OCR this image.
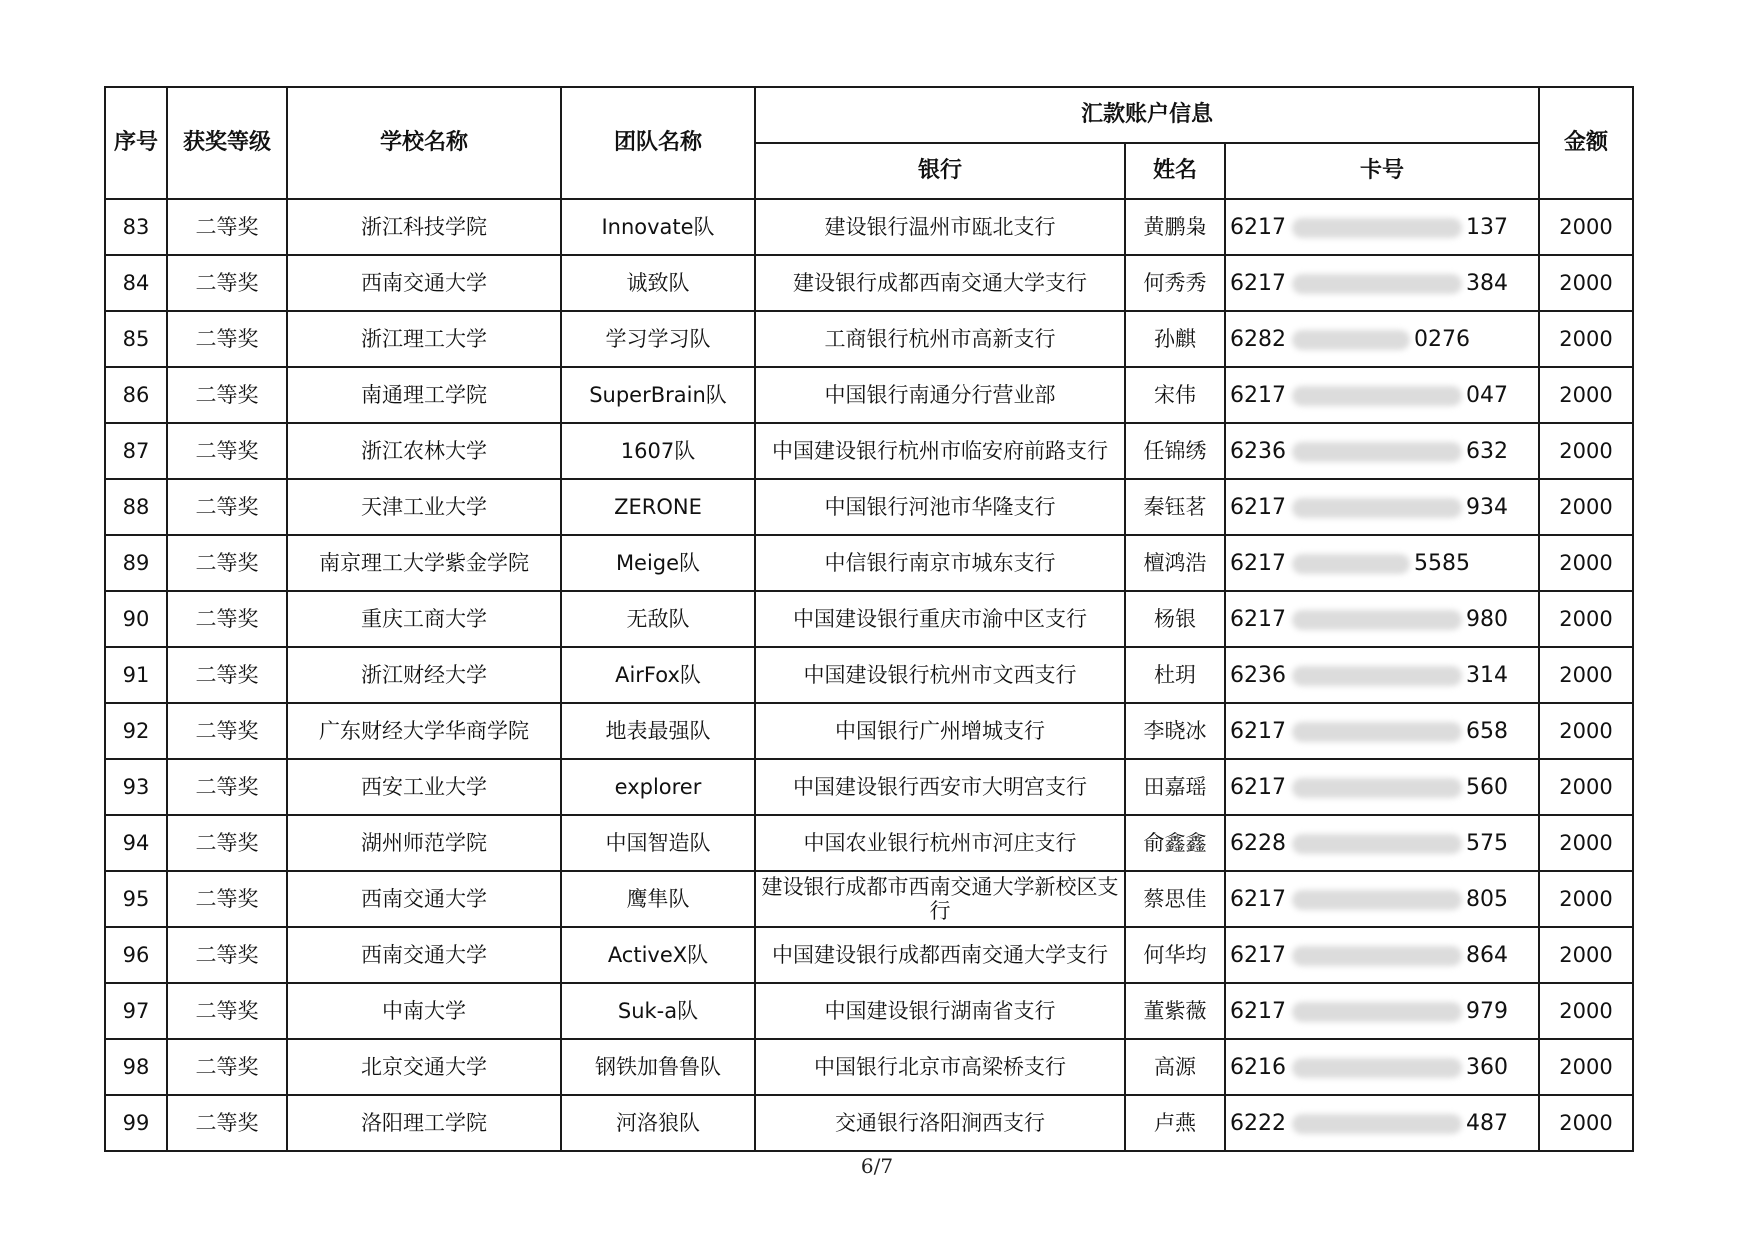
序号	获奖等级	学校名称	团队名称	汇款账户信息			金额
				银行	姓名	卡号	
83	二等奖	浙江科技学院	Innovate队	建设银行温州市瓯北支行	黄鹏枭	6217 137	2000
84	二等奖	西南交通大学	诚致队	建设银行成都西南交通大学支行	何秀秀	6217 384	2000
85	二等奖	浙江理工大学	学习学习队	工商银行杭州市高新支行	孙麒	6282 0276	2000
86	二等奖	南通理工学院	SuperBrain队	中国银行南通分行营业部	宋伟	6217 047	2000
87	二等奖	浙江农林大学	1607队	中国建设银行杭州市临安府前路支行	任锦绣	6236 632	2000
88	二等奖	天津工业大学	ZERONE	中国银行河池市华隆支行	秦钰茗	6217 934	2000
89	二等奖	南京理工大学紫金学院	Meige队	中信银行南京市城东支行	檀鸿浩	6217 5585	2000
90	二等奖	重庆工商大学	无敌队	中国建设银行重庆市渝中区支行	杨银	6217 980	2000
91	二等奖	浙江财经大学	AirFox队	中国建设银行杭州市文西支行	杜玥	6236 314	2000
92	二等奖	广东财经大学华商学院	地表最强队	中国银行广州增城支行	李晓冰	6217 658	2000
93	二等奖	西安工业大学	explorer	中国建设银行西安市大明宫支行	田嘉瑶	6217 560	2000
94	二等奖	湖州师范学院	中国智造队	中国农业银行杭州市河庄支行	俞鑫鑫	6228 575	2000
95	二等奖	西南交通大学	鹰隼队	建设银行成都市西南交通大学新校区支行	蔡思佳	6217 805	2000
96	二等奖	西南交通大学	ActiveX队	中国建设银行成都西南交通大学支行	何华均	6217 864	2000
97	二等奖	中南大学	Suk-a队	中国建设银行湖南省支行	董紫薇	6217 979	2000
98	二等奖	北京交通大学	钢铁加鲁鲁队	中国银行北京市高梁桥支行	高源	6216 360	2000
99	二等奖	洛阳理工学院	河洛狼队	交通银行洛阳涧西支行	卢燕	6222 487	2000
6/7
